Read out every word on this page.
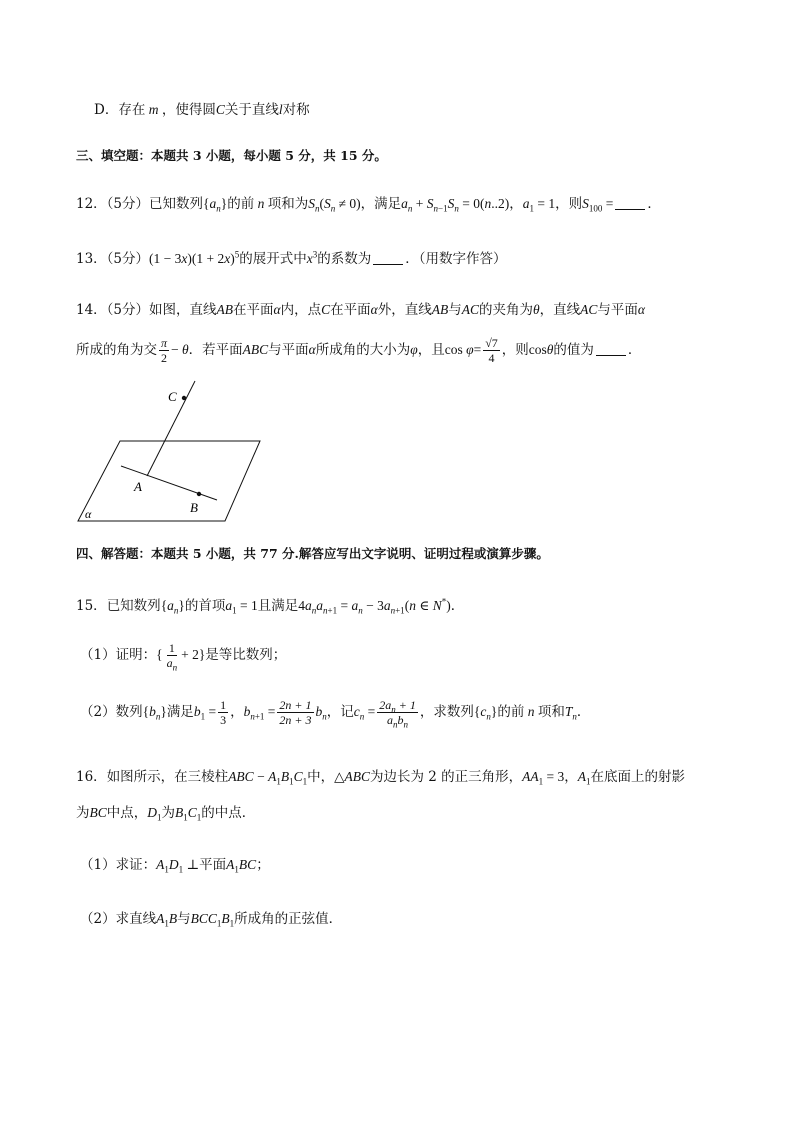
D．存在 m ，使得圆C关于直线l对称
三、填空题：本题共 3 小题，每小题 5 分，共 15 分。
12．（5分）已知数列$\{a_n\}$的前 n 项和为$S_n(S_n \ne 0)$，满足$a_n + S_{n-1}S_n = 0(n..2)$，$a_1 = 1$，则$S_{100}$ =	．
13．（5分）$(1 - 3x)(1 + 2x)^5$的展开式中$x^3$的系数为	．（用数字作答）
14．（5分）如图，直线AB在平面α内，点C在平面α外，直线AB与AC的夹角为θ，直线AC与平面α
所成的角为交 $\frac{\pi}{2} - \theta$．若平面ABC与平面α所成角的大小为φ，且$\cos \varphi= \frac{√7}{4}$ ，则cosθ的值为	．
C
A
B
α
四、解答题：本题共 5 小题，共 77 分.解答应写出文字说明、证明过程或演算步骤。
15．已知数列$\{a_n\}$的首项$a_1 = 1$且满足$4a_na_{n+1} = a_n - 3a_{n+1}(n$ ∈ N*)．
（1）证明：{ $\frac{1}{a_n} + 2$}是等比数列；
（2）数列$\{b_n\}$满足$b_1 = \frac{1}{3}$ ，$b_{n+1} = \frac{2n + 1}{2n + 3} b_n$，记$c_n = \frac{2a_n + 1}{a_nb_n}$ ，求数列$\{c_n\}$的前 n 项和$T_n$．
16．如图所示，在三棱柱ABC − $A_1B_1C_1$中，△ABC为边长为 2 的正三角形，$AA_1 = 3$，$A_1$在底面上的射影
为BC中点，$D_1$为$B_1C_1$的中点．
（1）求证：$A_1D_1$ ⊥平面$A_1BC$；
（2）求直线$A_1B$与$BCC_1B_1$所成角的正弦值．
